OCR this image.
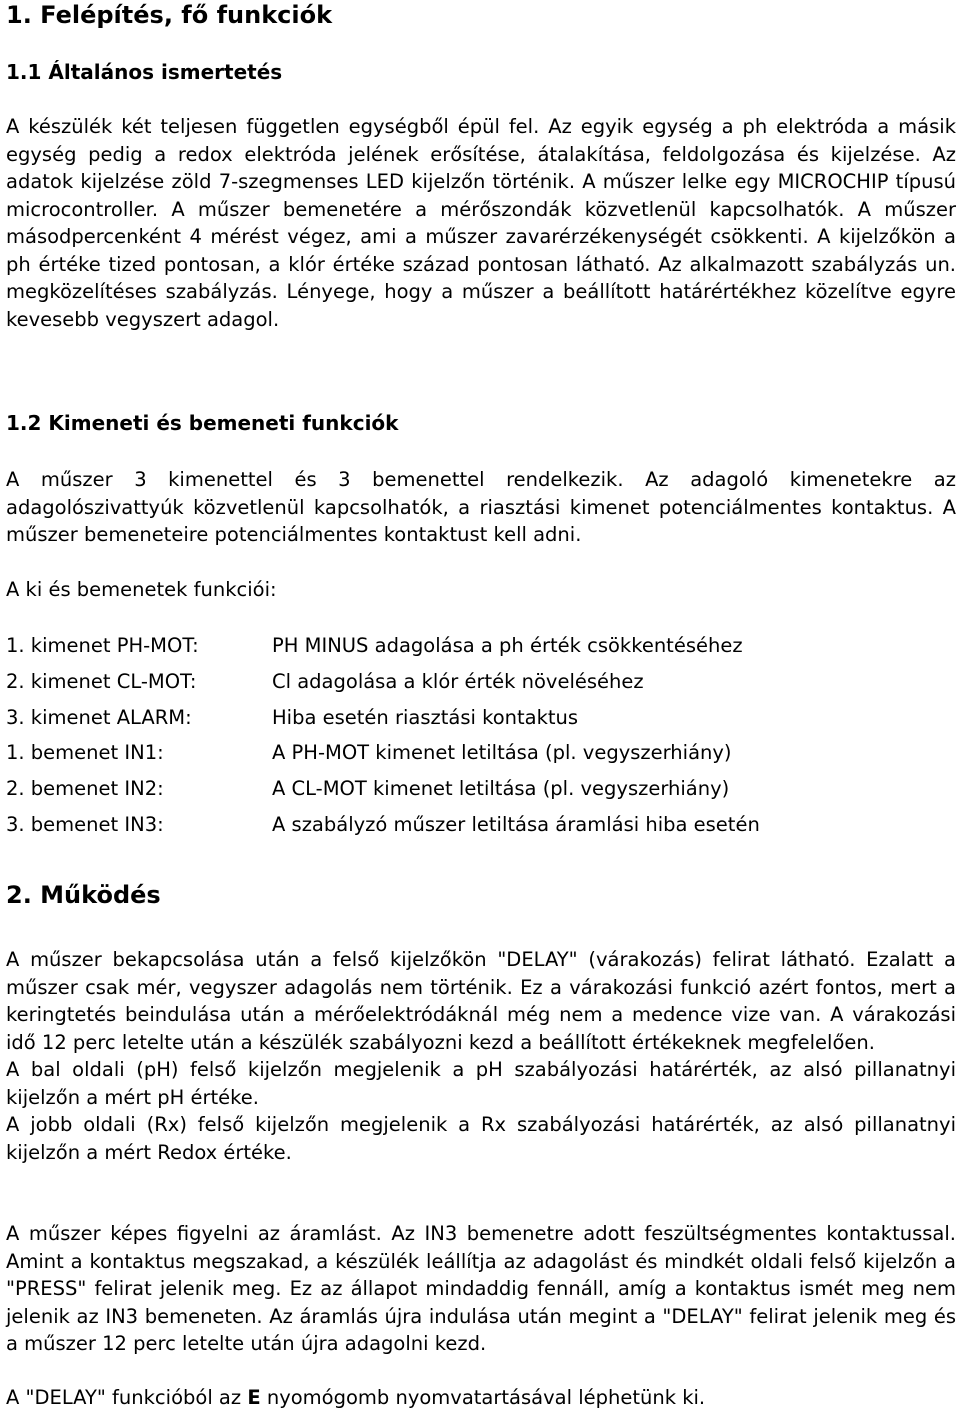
1. Felépítés, fő funkciók
1.1 Általános ismertetés

A készülék két teljesen független egységből épül fel. Az egyik egység a ph elektróda a másik egység pedig a redox elektróda jelének erősítése, átalakítása, feldolgozása és kijelzése. Az adatok kijelzése zöld 7-szegmenses LED kijelzőn történik. A műszer lelke egy MICROCHIP típusú microcontroller. A műszer bemenetére a mérőszondák közvetlenül kapcsolhatók. A műszer másodpercenként 4 mérést végez, ami a műszer zavarérzékenységét csökkenti. A kijelzőkön a ph értéke tized pontosan, a klór értéke század pontosan látható. Az alkalmazott szabályzás un. megközelítéses szabályzás. Lényege, hogy a műszer a beállított határértékhez közelítve egyre kevesebb vegyszert adagol.

1.2 Kimeneti és bemeneti funkciók

A műszer 3 kimenettel és 3 bemenettel rendelkezik. Az adagoló kimenetekre az adagolószivattyúk közvetlenül kapcsolhatók, a riasztási kimenet potenciálmentes kontaktus. A műszer bemeneteire potenciálmentes kontaktust kell adni.

A ki és bemenetek funkciói:

1. kimenet PH-MOT:	PH MINUS adagolása a ph érték csökkentéséhez
2. kimenet CL-MOT:	Cl adagolása a klór érték növeléséhez
3. kimenet ALARM:	Hiba esetén riasztási kontaktus
1. bemenet IN1:	A PH-MOT kimenet letiltása (pl. vegyszerhiány)
2. bemenet IN2:	A CL-MOT kimenet letiltása (pl. vegyszerhiány)
3. bemenet IN3:	A szabályzó műszer letiltása áramlási hiba esetén
2. Működés

A műszer bekapcsolása után a felső kijelzőkön "DELAY" (várakozás) felirat látható. Ezalatt a műszer csak mér, vegyszer adagolás nem történik. Ez a várakozási funkció azért fontos, mert a keringtetés beindulása után a mérőelektródáknál még nem a medence vize van. A várakozási idő 12 perc letelte után a készülék szabályozni kezd a beállított értékeknek megfelelően.

A bal oldali (pH) felső kijelzőn megjelenik a pH szabályozási határérték, az alsó pillanatnyi kijelzőn a mért pH értéke.

A jobb oldali (Rx) felső kijelzőn megjelenik a Rx szabályozási határérték, az alsó pillanatnyi kijelzőn a mért Redox értéke.

A műszer képes figyelni az áramlást. Az IN3 bemenetre adott feszültségmentes kontaktussal. Amint a kontaktus megszakad, a készülék leállítja az adagolást és mindkét oldali felső kijelzőn a "PRESS" felirat jelenik meg. Ez az állapot mindaddig fennáll, amíg a kontaktus ismét meg nem jelenik az IN3 bemeneten. Az áramlás újra indulása után megint a "DELAY" felirat jelenik meg és a műszer 12 perc letelte után újra adagolni kezd.

A "DELAY" funkcióból az E nyomógomb nyomvatartásával léphetünk ki.
